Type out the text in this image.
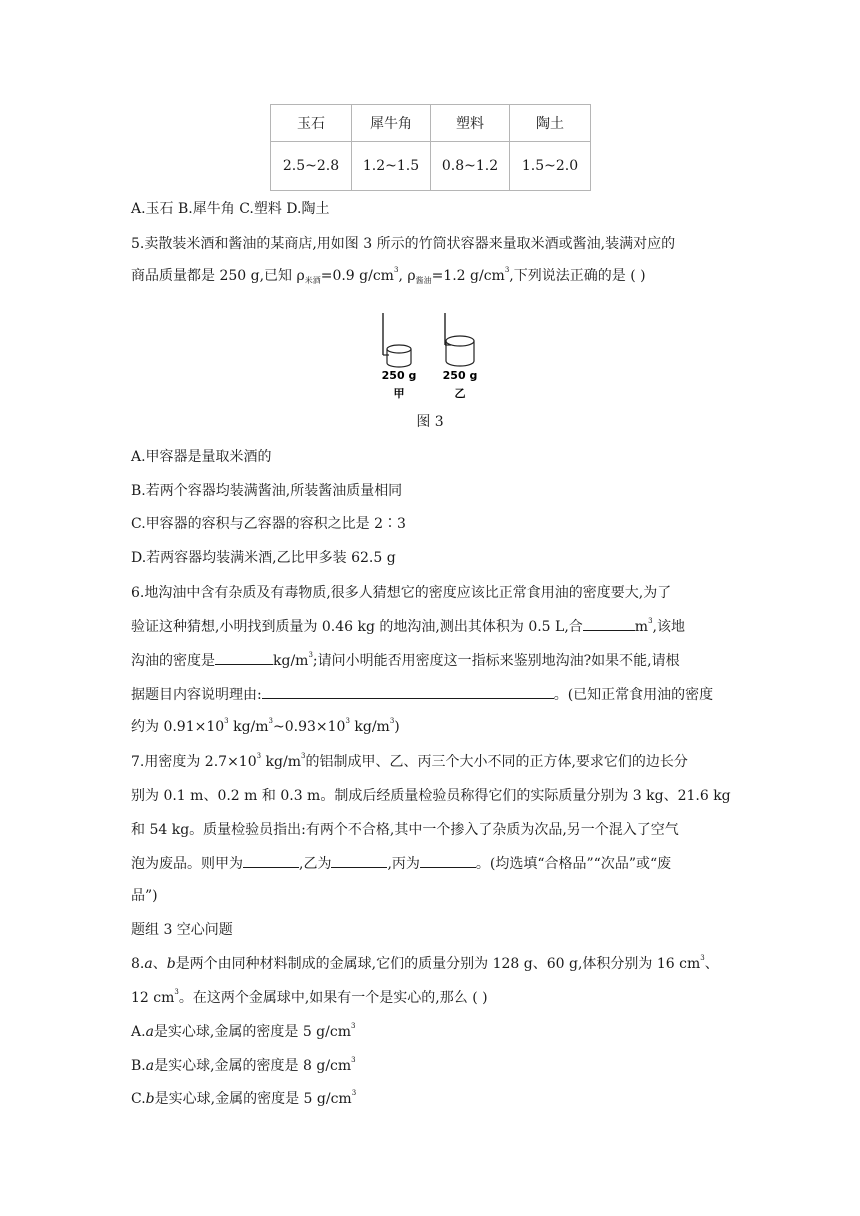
玉石	犀牛角	塑料	陶土
2.5~2.8	1.2~1.5	0.8~1.2	1.5~2.0
A.玉石 B.犀牛角 C.塑料 D.陶土
5.卖散装米酒和酱油的某商店,用如图 3 所示的竹筒状容器来量取米酒或酱油,装满对应的
商品质量都是 250 g,已知 $\rho_{米酒}=0.9$ $g/cm^3$, $\rho_{酱油}=1.2$ $g/cm^3$,下列说法正确的是 ( )
250 g
甲
250 g
乙
图 3
A.甲容器是量取米酒的
B.若两个容器均装满酱油,所装酱油质量相同
C.甲容器的容积与乙容器的容积之比是 2∶3
D.若两容器均装满米酒,乙比甲多装 62.5 g
6.地沟油中含有杂质及有毒物质,很多人猜想它的密度应该比正常食用油的密度要大,为了
验证这种猜想,小明找到质量为 0.46 kg 的地沟油,测出其体积为 0.5 L,合	$m^3$,该地
沟油的密度是	$kg/m^3$;请问小明能否用密度这一指标来鉴别地沟油?如果不能,请根
据题目内容说明理由:	。(已知正常食用油的密度
约为 $0.91\times 10^3$ $kg/m^3\sim 0.93\times 10^3$ $kg/m^3$)
7.用密度为 $2.7\times 10^3$ $kg/m^3$的铝制成甲、乙、丙三个大小不同的正方体,要求它们的边长分
别为 0.1 m、0.2 m 和 0.3 m。制成后经质量检验员称得它们的实际质量分别为 3 kg、21.6 kg
和 54 kg。质量检验员指出:有两个不合格,其中一个掺入了杂质为次品,另一个混入了空气
泡为废品。则甲为	,乙为	,丙为	。(均选填“合格品”“次品”或“废
品”)
题组 3 空心问题
8.a、b是两个由同种材料制成的金属球,它们的质量分别为 128 g、60 g,体积分别为 16 $cm^3$、
12 $cm^3$。在这两个金属球中,如果有一个是实心的,那么 ( )
A.a是实心球,金属的密度是 5 $g/cm^3$
B.a是实心球,金属的密度是 8 $g/cm^3$
C.b是实心球,金属的密度是 5 $g/cm^3$
